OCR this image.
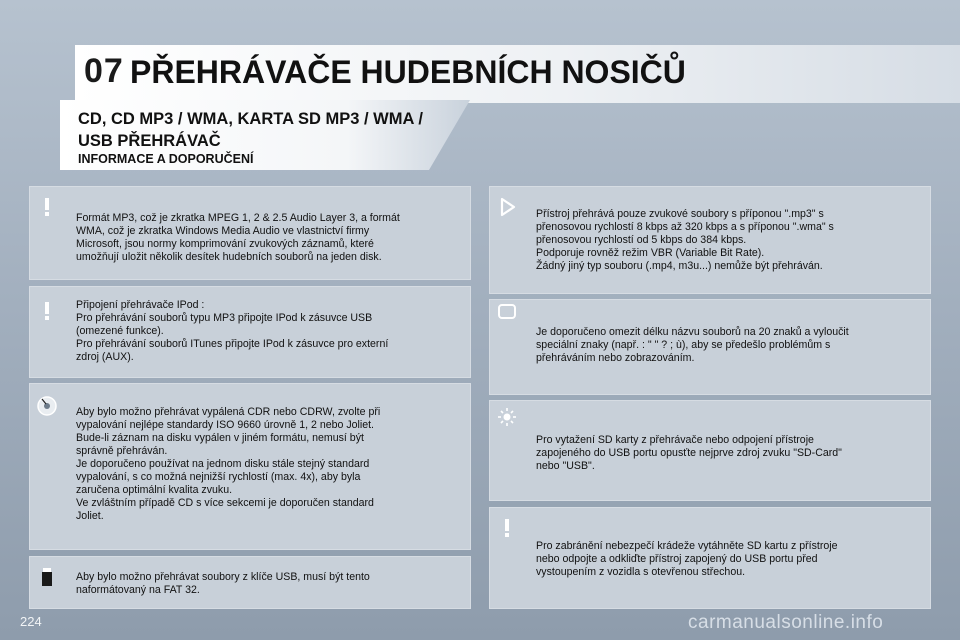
07 PŘEHRÁVAČE HUDEBNÍCH NOSIČŮ
CD, CD MP3 / WMA, KARTA SD MP3 / WMA / USB PŘEHRÁVAČ
INFORMACE A DOPORUČENÍ
Formát MP3, což je zkratka MPEG 1, 2 & 2.5 Audio Layer 3, a formát
WMA, což je zkratka Windows Media Audio ve vlastnictví firmy
Microsoft, jsou normy komprimování zvukových záznamů, které
umožňují uložit několik desítek hudebních souborů na jeden disk.
Připojení přehrávače IPod :
Pro přehrávání souborů typu MP3 připojte IPod k zásuvce USB
(omezené funkce).
Pro přehrávání souborů ITunes připojte IPod k zásuvce pro externí
zdroj (AUX).
Aby bylo možno přehrávat vypálená CDR nebo CDRW, zvolte při
vypalování nejlépe standardy ISO 9660 úrovně 1, 2 nebo Joliet.
Bude-li záznam na disku vypálen v jiném formátu, nemusí být
správně přehráván.
Je doporučeno používat na jednom disku stále stejný standard
vypalování, s co možná nejnižší rychlostí (max. 4x), aby byla
zaručena optimální kvalita zvuku.
Ve zvláštním případě CD s více sekcemi je doporučen standard
Joliet.
Aby bylo možno přehrávat soubory z klíče USB, musí být tento
naformátovaný na FAT 32.
Přístroj přehrává pouze zvukové soubory s příponou ".mp3" s
přenosovou rychlostí 8 kbps až 320 kbps a s příponou ".wma" s
přenosovou rychlostí od 5 kbps do 384 kbps.
Podporuje rovněž režim VBR (Variable Bit Rate).
Žádný jiný typ souboru (.mp4, m3u...) nemůže být přehráván.
Je doporučeno omezit délku názvu souborů na 20 znaků a vyloučit
speciální znaky (např. : " " ? ; ù), aby se předešlo problémům s
přehráváním nebo zobrazováním.
Pro vytažení SD karty z přehrávače nebo odpojení přístroje
zapojeného do USB portu opusťte nejprve zdroj zvuku "SD-Card"
nebo "USB".
Pro zabránění nebezpečí krádeže vytáhněte SD kartu z přístroje
nebo odpojte a odkliďte přístroj zapojený do USB portu před
vystoupením z vozidla s otevřenou střechou.
224	carmanualsonline.info
